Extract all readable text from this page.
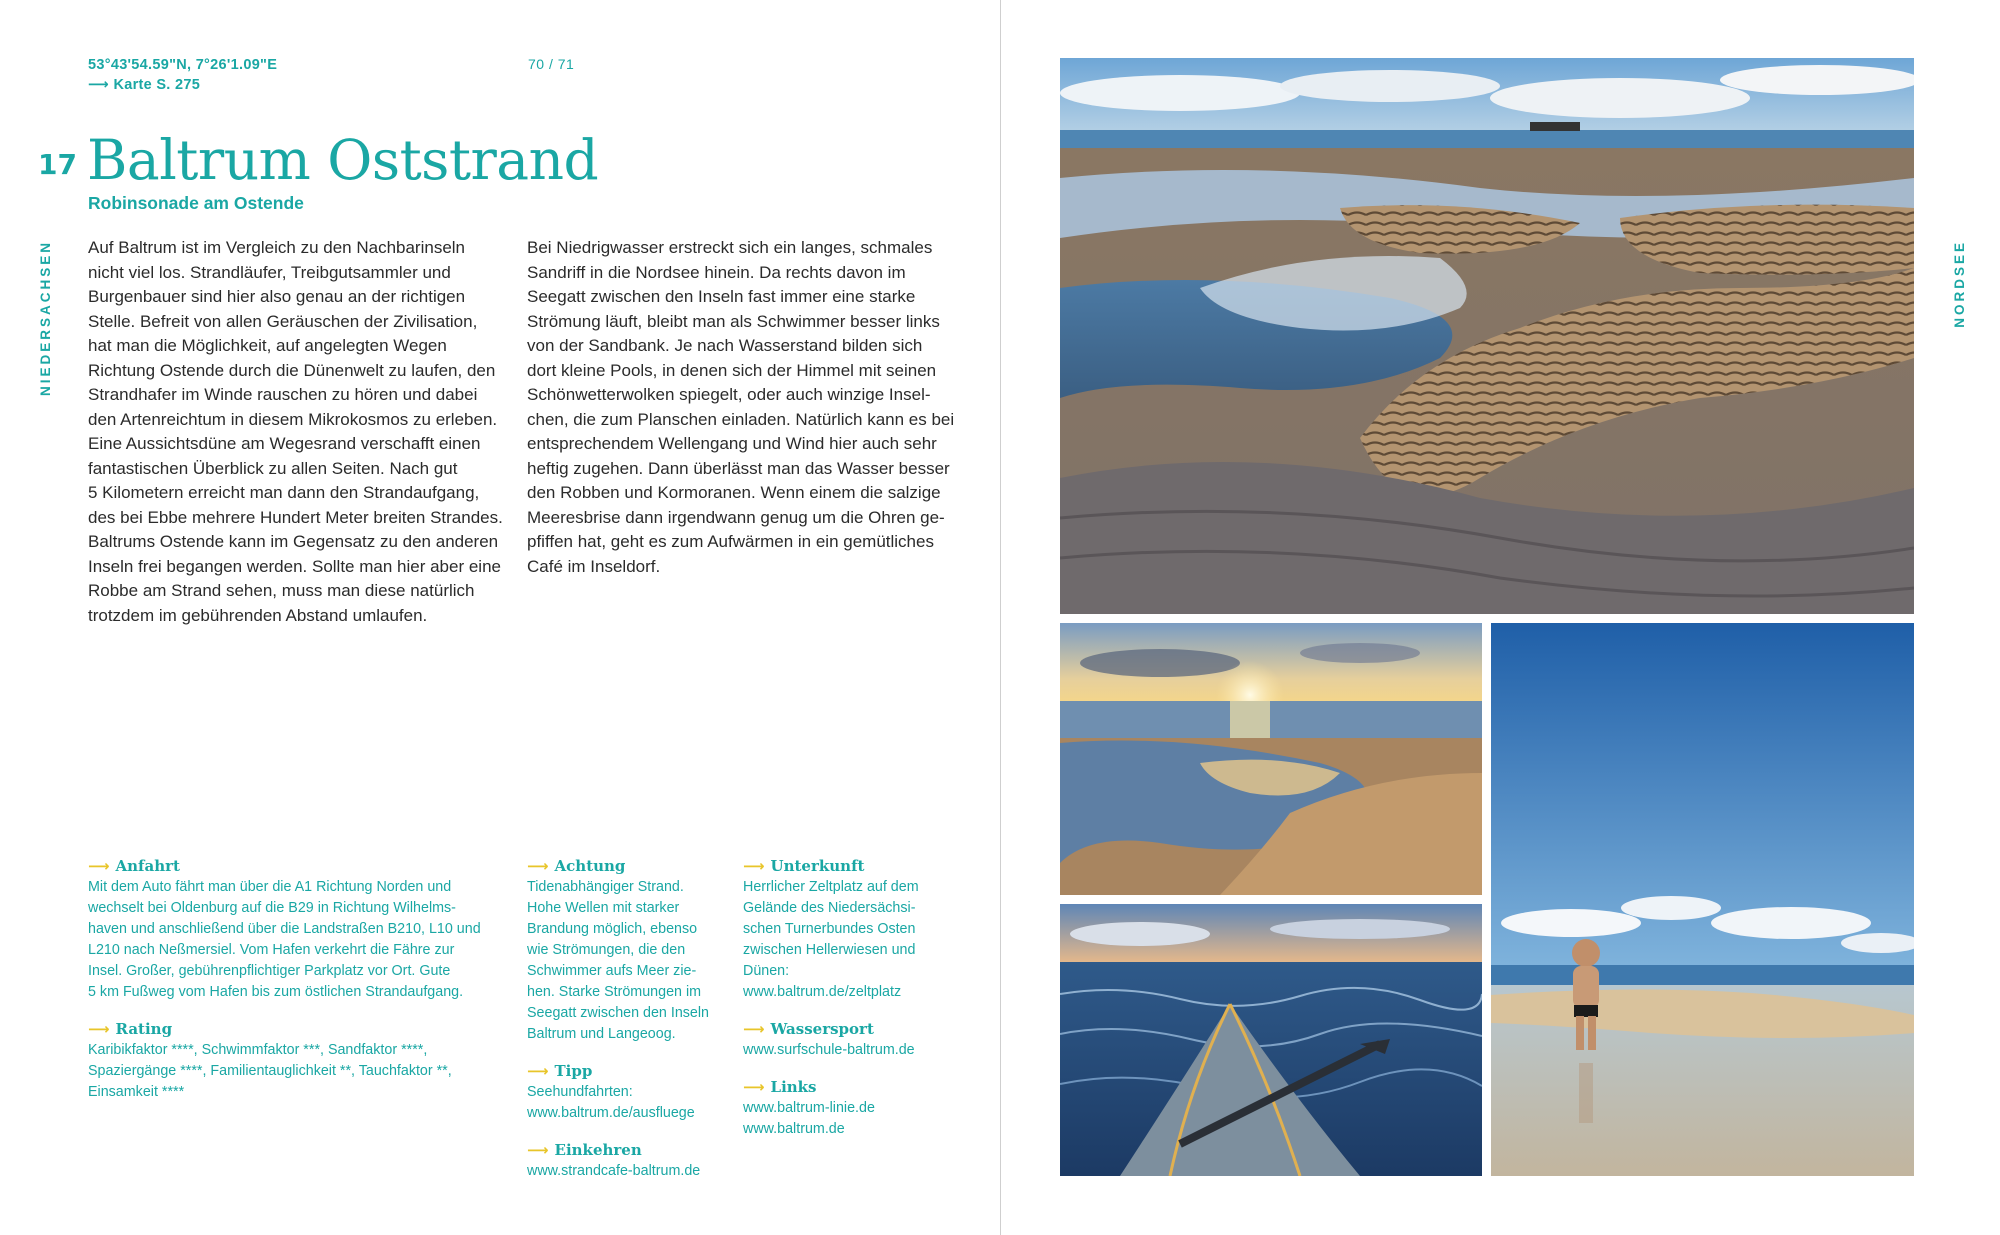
53°43'54.59"N, 7°26'1.09"E
⟶ Karte S. 275
70 / 71
17 Baltrum Oststrand
Robinsonade am Ostende
NIEDERSACHSEN Auf Baltrum ist im Vergleich zu den Nachbarinseln
nicht viel los. Strandläufer, Treibgutsammler und
Burgenbauer sind hier also genau an der richtigen
Stelle. Befreit von allen Geräuschen der Zivilisation,
hat man die Möglichkeit, auf angelegten Wegen
Richtung Ostende durch die Dünenwelt zu laufen, den
Strandhafer im Winde rauschen zu hören und dabei
den Artenreichtum in diesem Mikrokosmos zu erleben.
Eine Aussichtsdüne am Wegesrand verschafft einen
fantastischen Überblick zu allen Seiten. Nach gut
5 Kilometern erreicht man dann den Strandaufgang,
des bei Ebbe mehrere Hundert Meter breiten Strandes.
Baltrums Ostende kann im Gegensatz zu den anderen
Inseln frei begangen werden. Sollte man hier aber eine
Robbe am Strand sehen, muss man diese natürlich
trotzdem im gebührenden Abstand umlaufen.
Bei Niedrigwasser erstreckt sich ein langes, schmales
Sandriff in die Nordsee hinein. Da rechts davon im
Seegatt zwischen den Inseln fast immer eine starke
Strömung läuft, bleibt man als Schwimmer besser links
von der Sandbank. Je nach Wasserstand bilden sich
dort kleine Pools, in denen sich der Himmel mit seinen
Schönwetterwolken spiegelt, oder auch winzige Insel-
chen, die zum Planschen einladen. Natürlich kann es bei
entsprechendem Wellengang und Wind hier auch sehr
heftig zugehen. Dann überlässt man das Wasser besser
den Robben und Kormoranen. Wenn einem die salzige
Meeresbrise dann irgendwann genug um die Ohren ge-
pfiffen hat, geht es zum Aufwärmen in ein gemütliches
Café im Inseldorf.
⟶ Anfahrt
Mit dem Auto fährt man über die A1 Richtung Norden und
wechselt bei Oldenburg auf die B29 in Richtung Wilhelms-
haven und anschließend über die Landstraßen B210, L10 und
L210 nach Neßmersiel. Vom Hafen verkehrt die Fähre zur
Insel. Großer, gebührenpflichtiger Parkplatz vor Ort. Gute
5 km Fußweg vom Hafen bis zum östlichen Strandaufgang.
⟶ Rating
Karibikfaktor ****, Schwimmfaktor ***, Sandfaktor ****,
Spaziergänge ****, Familientauglichkeit **, Tauchfaktor **,
Einsamkeit ****
⟶ Achtung
Tidenabhängiger Strand.
Hohe Wellen mit starker
Brandung möglich, ebenso
wie Strömungen, die den
Schwimmer aufs Meer zie-
hen. Starke Strömungen im
Seegatt zwischen den Inseln
Baltrum und Langeoog.
⟶ Tipp
Seehundfahrten:
www.baltrum.de/ausfluege
⟶ Einkehren
www.strandcafe-baltrum.de
⟶ Unterkunft
Herrlicher Zeltplatz auf dem
Gelände des Niedersächsi-
schen Turnerbundes Osten
zwischen Hellerwiesen und
Dünen:
www.baltrum.de/zeltplatz
⟶ Wassersport
www.surfschule-baltrum.de
⟶ Links
www.baltrum-linie.de
www.baltrum.de
NORDSEE
